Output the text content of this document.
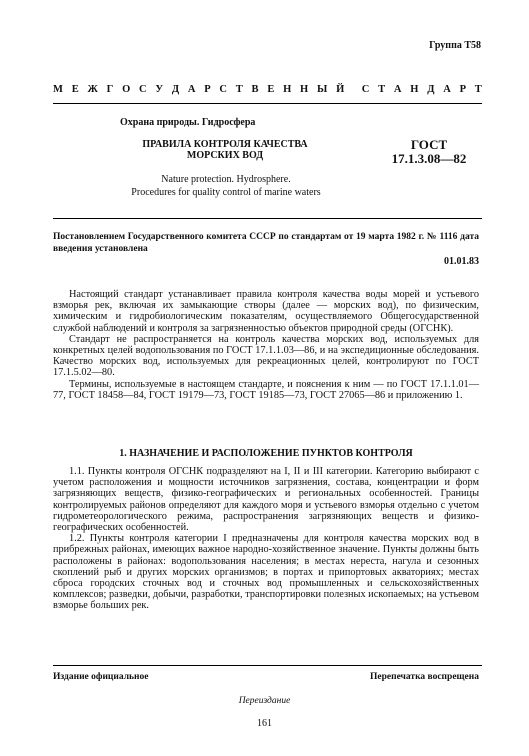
Группа Т58
М Е Ж Г О С У Д А Р С Т В Е Н Н Ы Й С Т А Н Д А Р Т
Охрана природы. Гидросфера
ПРАВИЛА КОНТРОЛЯ КАЧЕСТВА
МОРСКИХ ВОД
ГОСТ
17.1.3.08—82
Nature protection. Hydrosphere.
Procedures for quality control of marine waters
Постановлением Государственного комитета СССР по стандартам от 19 марта 1982 г. № 1116 дата введения установлена
01.01.83

Настоящий стандарт устанавливает правила контроля качества воды морей и устьевого взморья рек, включая их замыкающие створы (далее — морских вод), по физическим, химическим и гидробиологическим показателям, осуществляемого Общегосударственной службой наблюдений и контроля за загрязненностью объектов природной среды (ОГСНК).

Стандарт не распространяется на контроль качества морских вод, используемых для конкретных целей водопользования по ГОСТ 17.1.1.03—86, и на экспедиционные обследования. Качество морских вод, используемых для рекреационных целей, контролируют по ГОСТ 17.1.5.02—80.

Термины, используемые в настоящем стандарте, и пояснения к ним — по ГОСТ 17.1.1.01—77, ГОСТ 18458—84, ГОСТ 19179—73, ГОСТ 19185—73, ГОСТ 27065—86 и приложению 1.

1. НАЗНАЧЕНИЕ И РАСПОЛОЖЕНИЕ ПУНКТОВ КОНТРОЛЯ

1.1. Пункты контроля ОГСНК подразделяют на I, II и III категории. Категорию выбирают с учетом расположения и мощности источников загрязнения, состава, концентрации и форм загрязняющих веществ, физико-географических и региональных особенностей. Границы контролируемых районов определяют для каждого моря и устьевого взморья отдельно с учетом гидрометеорологического режима, распространения загрязняющих веществ и физико-географических особенностей.

1.2. Пункты контроля категории I предназначены для контроля качества морских вод в прибрежных районах, имеющих важное народно-хозяйственное значение. Пункты должны быть расположены в районах: водопользования населения; в местах нереста, нагула и сезонных скоплений рыб и других морских организмов; в портах и припортовых акваториях; местах сброса городских сточных вод и сточных вод промышленных и сельскохозяйственных комплексов; разведки, добычи, разработки, транспортировки полезных ископаемых; на устьевом взморье больших рек.

Издание официальное	Перепечатка воспрещена
Переиздание
161
